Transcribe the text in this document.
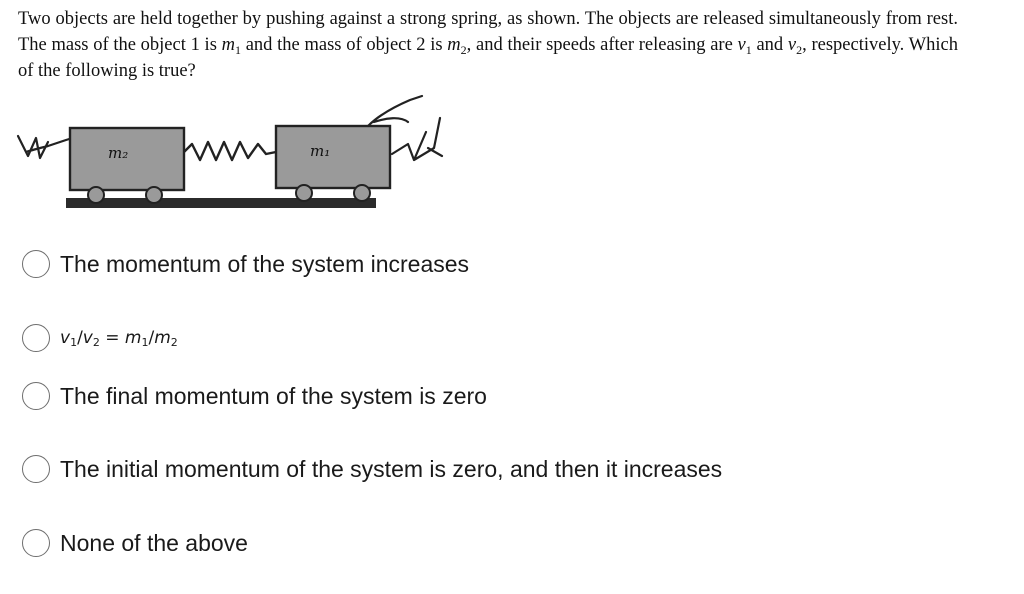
Two objects are held together by pushing against a strong spring, as shown. The objects are released simultaneously from rest. The mass of the object 1 is $m_1$ and the mass of object 2 is $m_2$, and their speeds after releasing are $v_1$ and $v_2$, respectively. Which of the following is true?
m₂	m₁
The momentum of the system increases
$v_1/v_2 = m_1/m_2$
The final momentum of the system is zero
The initial momentum of the system is zero, and then it increases
None of the above
